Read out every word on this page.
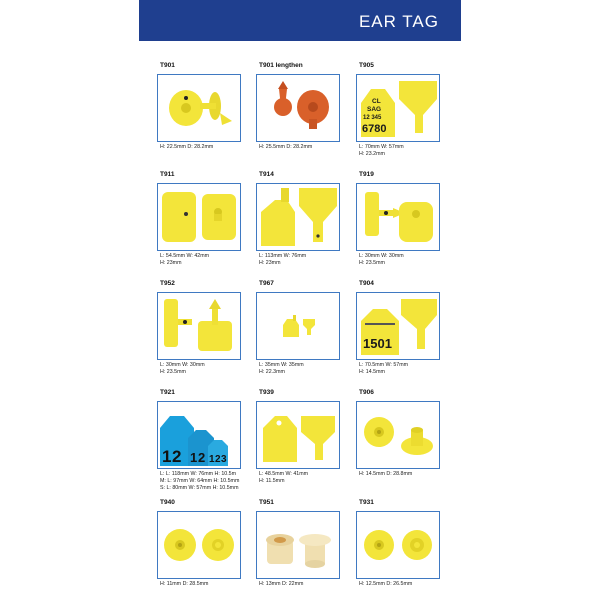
EAR TAG
T901
H: 22.5mm D: 28.2mm
T901 lengthen
H: 25.5mm D: 28.2mm
T905
CL
SAG
12 345
6780
L: 70mm W: 57mm
H: 23.2mm
T911
L: 54.5mm W: 42mm
H: 23mm
T914
L: 113mm W: 76mm
H: 23mm
T919
L: 30mm W: 30mm
H: 23.5mm
T952
L: 30mm W: 30mm
H: 23.5mm
T967
L: 35mm W: 35mm
H: 22.3mm
T904
1501
L: 70.5mm W: 57mm
H: 14.5mm
T921
1 2 1 2 1 2 3
L: L: 118mm W: 76mm H: 10.5m
M: L: 97mm W: 64mm H: 10.5mm
S: L: 80mm W: 57mm H: 10.5mm
T939
L: 48.5mm W: 41mm
H: 11.5mm
T906
H: 14.5mm D: 28.8mm
T940
H: 11mm D: 28.5mm
T951
H: 13mm D: 22mm
T931
H: 12.5mm D: 26.5mm
